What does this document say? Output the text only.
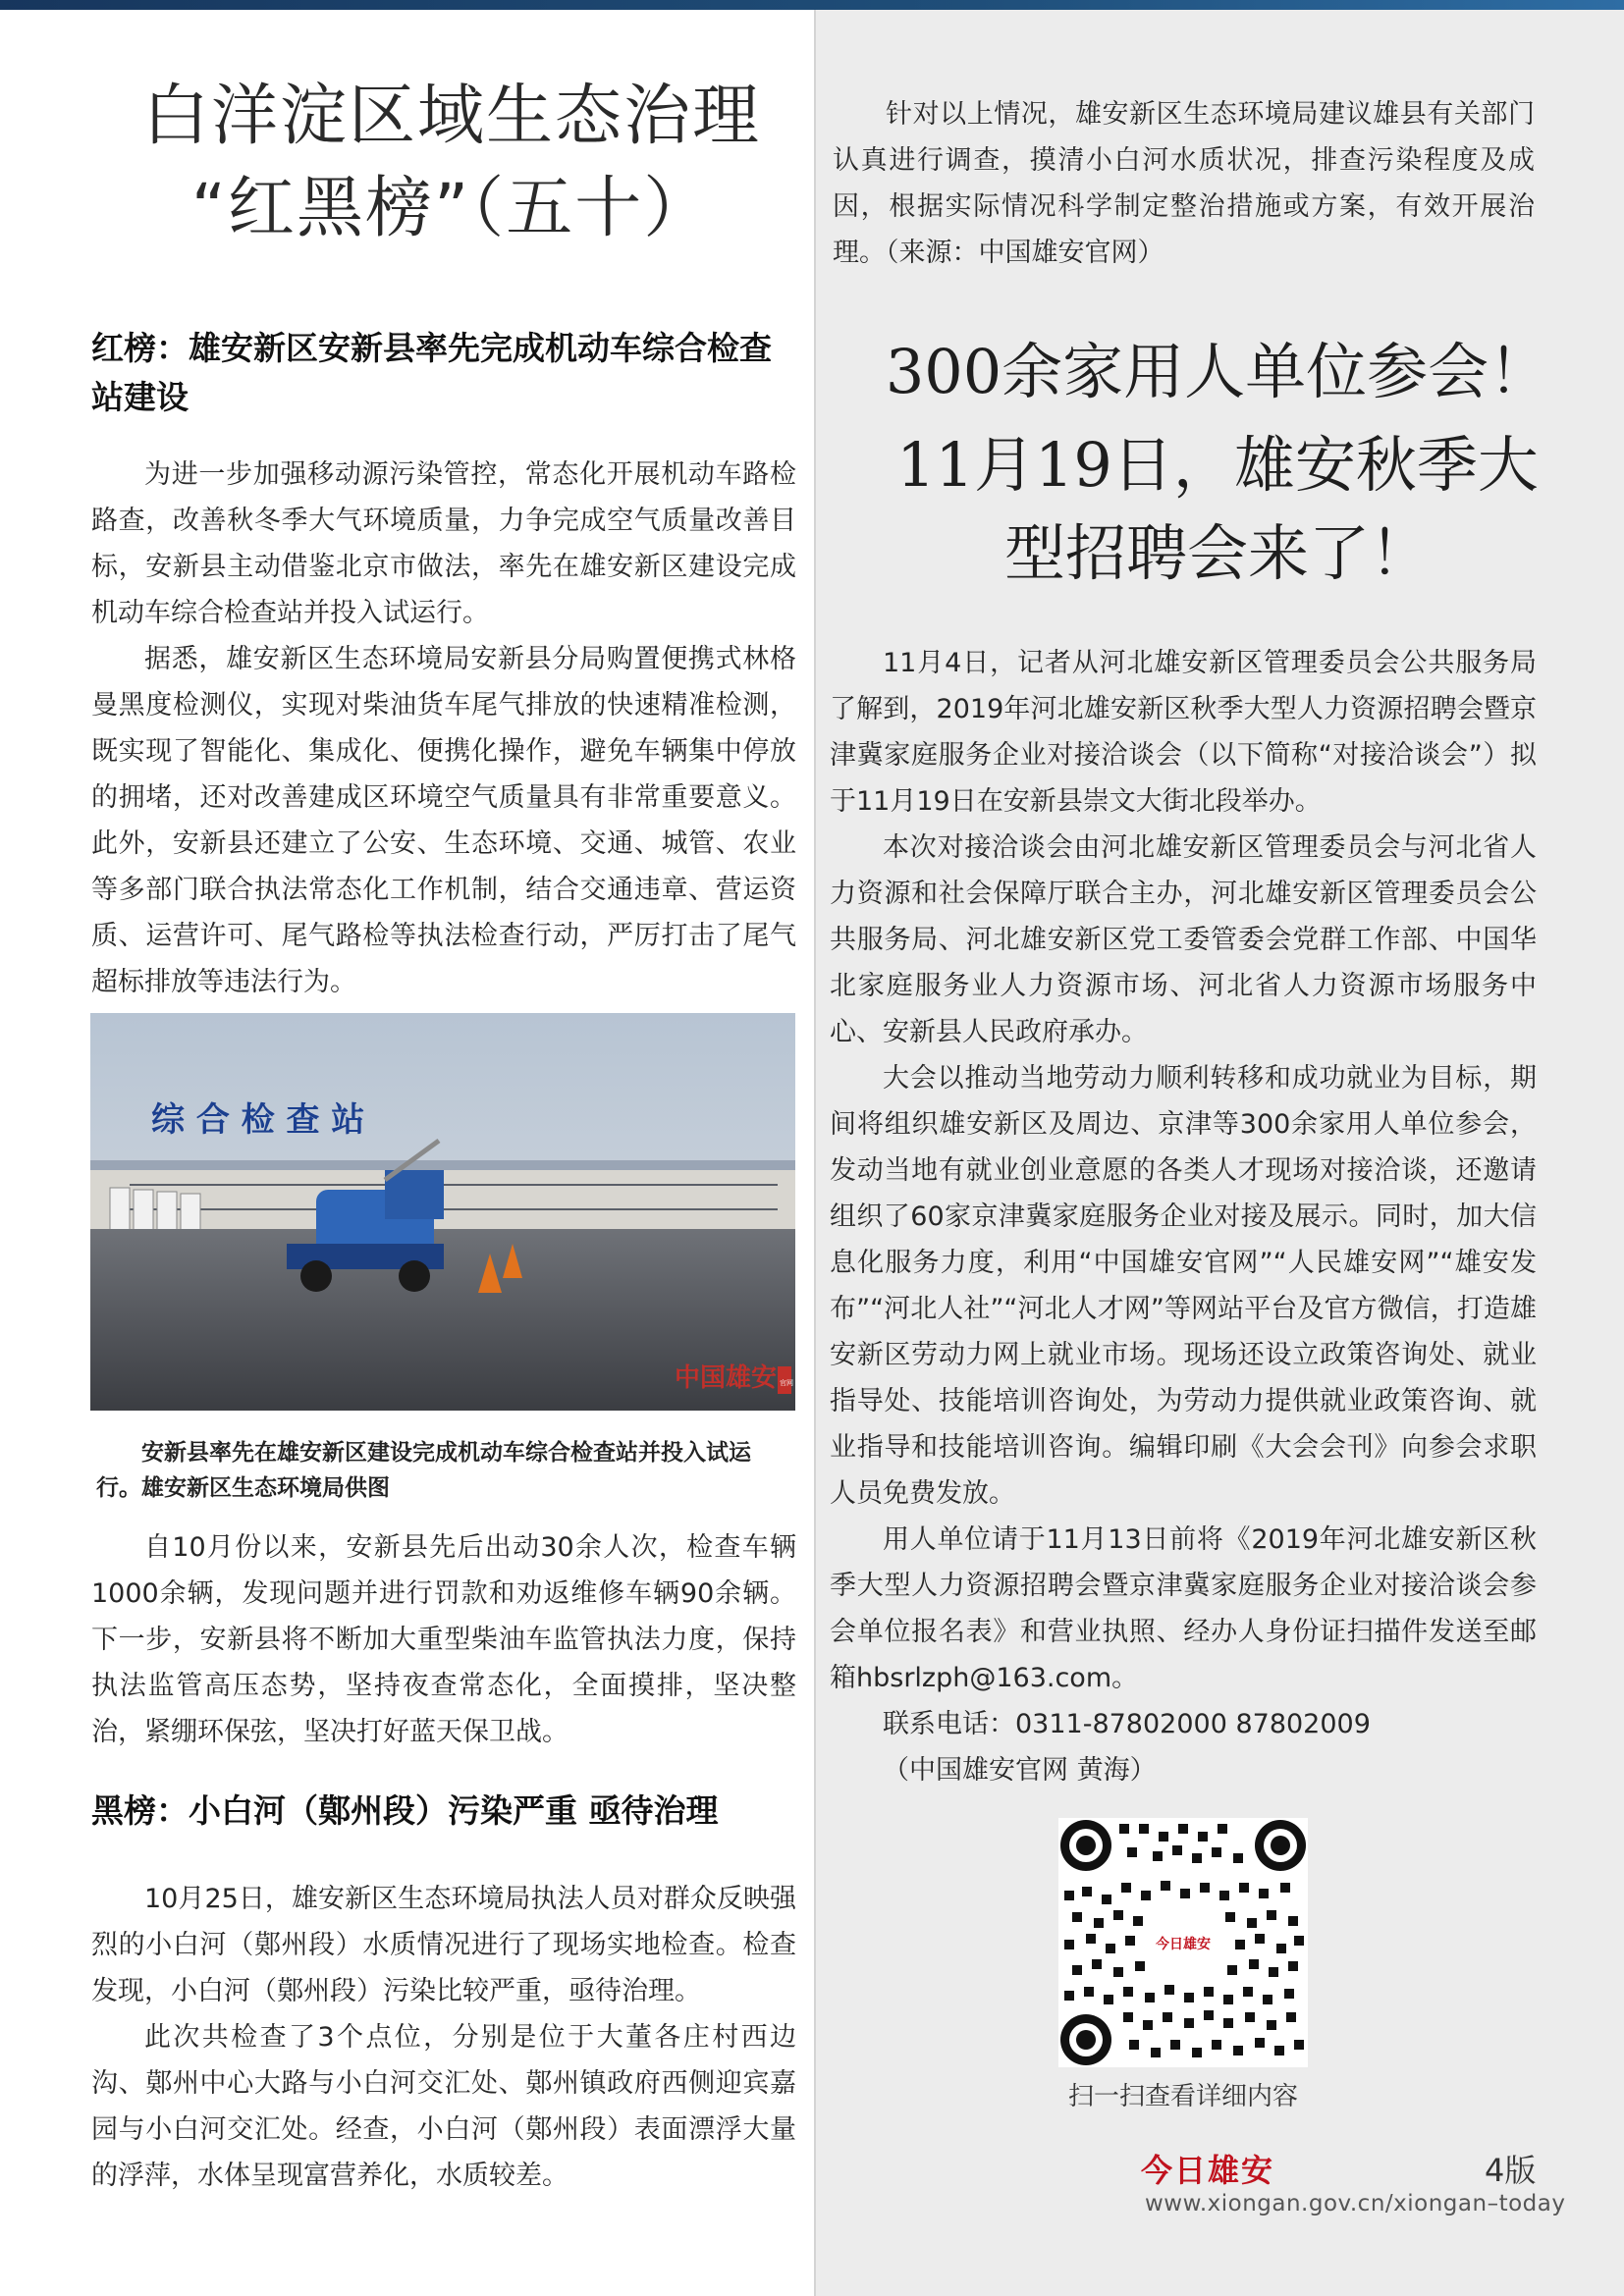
白洋淀区域生态治理
“红黑榜”（五十）
红榜：雄安新区安新县率先完成机动车综合检查站建设

为进一步加强移动源污染管控，常态化开展机动车路检路查，改善秋冬季大气环境质量，力争完成空气质量改善目标，安新县主动借鉴北京市做法，率先在雄安新区建设完成机动车综合检查站并投入试运行。

据悉，雄安新区生态环境局安新县分局购置便携式林格曼黑度检测仪，实现对柴油货车尾气排放的快速精准检测，既实现了智能化、集成化、便携化操作，避免车辆集中停放的拥堵，还对改善建成区环境空气质量具有非常重要意义。此外，安新县还建立了公安、生态环境、交通、城管、农业等多部门联合执法常态化工作机制，结合交通违章、营运资质、运营许可、尾气路检等执法检查行动，严厉打击了尾气超标排放等违法行为。

综 合 检 查 站
中国雄安 官网
安新县率先在雄安新区建设完成机动车综合检查站并投入试运行。雄安新区生态环境局供图

自10月份以来，安新县先后出动30余人次，检查车辆1000余辆，发现问题并进行罚款和劝返维修车辆90余辆。下一步，安新县将不断加大重型柴油车监管执法力度，保持执法监管高压态势，坚持夜查常态化，全面摸排，坚决整治，紧绷环保弦，坚决打好蓝天保卫战。

黑榜：小白河（鄚州段）污染严重 亟待治理

10月25日，雄安新区生态环境局执法人员对群众反映强烈的小白河（鄚州段）水质情况进行了现场实地检查。检查发现，小白河（鄚州段）污染比较严重，亟待治理。

此次共检查了3个点位，分别是位于大董各庄村西边沟、鄚州中心大路与小白河交汇处、鄚州镇政府西侧迎宾嘉园与小白河交汇处。经查，小白河（鄚州段）表面漂浮大量的浮萍，水体呈现富营养化，水质较差。

针对以上情况，雄安新区生态环境局建议雄县有关部门认真进行调查，摸清小白河水质状况，排查污染程度及成因，根据实际情况科学制定整治措施或方案，有效开展治理。（来源：中国雄安官网）

300余家用人单位参会！
11月19日，雄安秋季大
型招聘会来了！

11月4日，记者从河北雄安新区管理委员会公共服务局了解到，2019年河北雄安新区秋季大型人力资源招聘会暨京津冀家庭服务企业对接洽谈会（以下简称“对接洽谈会”）拟于11月19日在安新县崇文大街北段举办。

本次对接洽谈会由河北雄安新区管理委员会与河北省人力资源和社会保障厅联合主办，河北雄安新区管理委员会公共服务局、河北雄安新区党工委管委会党群工作部、中国华北家庭服务业人力资源市场、河北省人力资源市场服务中心、安新县人民政府承办。

大会以推动当地劳动力顺利转移和成功就业为目标，期间将组织雄安新区及周边、京津等300余家用人单位参会，发动当地有就业创业意愿的各类人才现场对接洽谈，还邀请组织了60家京津冀家庭服务企业对接及展示。同时，加大信息化服务力度，利用“中国雄安官网”“人民雄安网”“雄安发布”“河北人社”“河北人才网”等网站平台及官方微信，打造雄安新区劳动力网上就业市场。现场还设立政策咨询处、就业指导处、技能培训咨询处，为劳动力提供就业政策咨询、就业指导和技能培训咨询。编辑印刷《大会会刊》向参会求职人员免费发放。

用人单位请于11月13日前将《2019年河北雄安新区秋季大型人力资源招聘会暨京津冀家庭服务企业对接洽谈会参会单位报名表》和营业执照、经办人身份证扫描件发送至邮箱hbsrlzph@163.com。

联系电话：0311-87802000 87802009

（中国雄安官网 黄海）

今日雄安
扫一扫查看详细内容
今日雄安	4版
www.xiongan.gov.cn/xiongan–today
